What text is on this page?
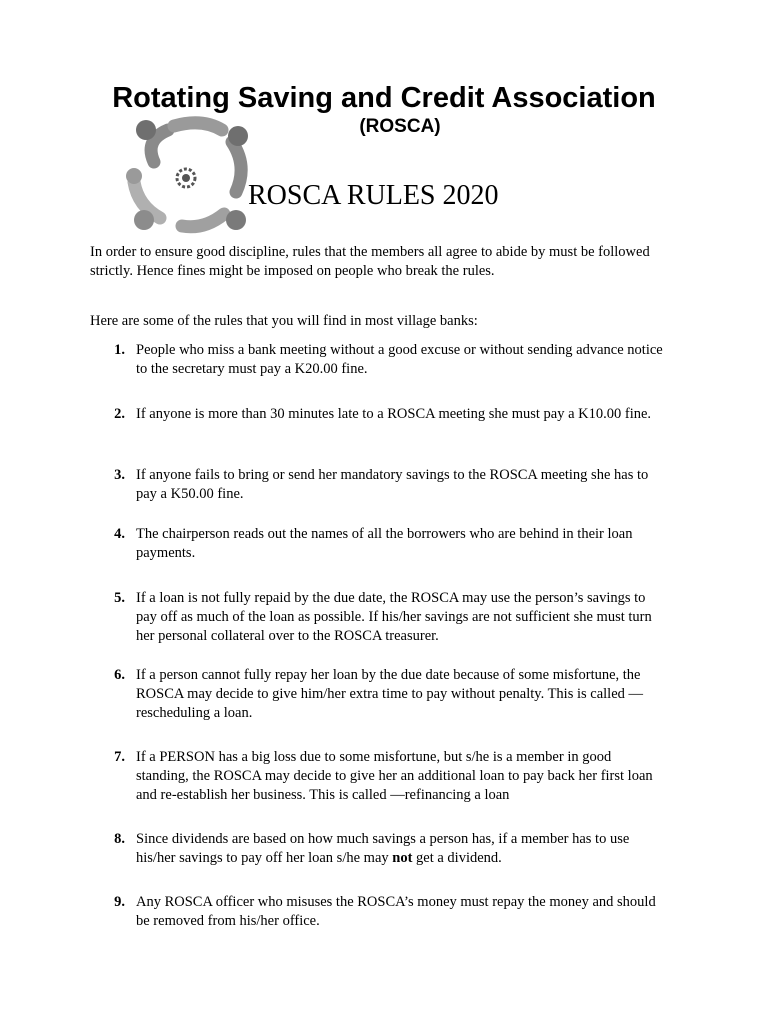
Rotating Saving and Credit Association
(ROSCA)
ROSCA RULES 2020

In order to ensure good discipline, rules that the members all agree to abide by must be followed strictly. Hence fines might be imposed on people who break the rules.

Here are some of the rules that you will find in most village banks:

1. People who miss a bank meeting without a good excuse or without sending advance notice to the secretary must pay a K20.00 fine.
2. If anyone is more than 30 minutes late to a ROSCA meeting she must pay a K10.00 fine.
3. If anyone fails to bring or send her mandatory savings to the ROSCA meeting she has to pay a K50.00 fine.
4. The chairperson reads out the names of all the borrowers who are behind in their loan payments.
5. If a loan is not fully repaid by the due date, the ROSCA may use the person’s savings to pay off as much of the loan as possible. If his/her savings are not sufficient she must turn her personal collateral over to the ROSCA treasurer.
6. If a person cannot fully repay her loan by the due date because of some misfortune, the ROSCA may decide to give him/her extra time to pay without penalty. This is called ― rescheduling a loan.
7. If a PERSON has a big loss due to some misfortune, but s/he is a member in good standing, the ROSCA may decide to give her an additional loan to pay back her first loan and re-establish her business. This is called ―refinancing a loan
8. Since dividends are based on how much savings a person has, if a member has to use his/her savings to pay off her loan s/he may not get a dividend.
9. Any ROSCA officer who misuses the ROSCA’s money must repay the money and should be removed from his/her office.
